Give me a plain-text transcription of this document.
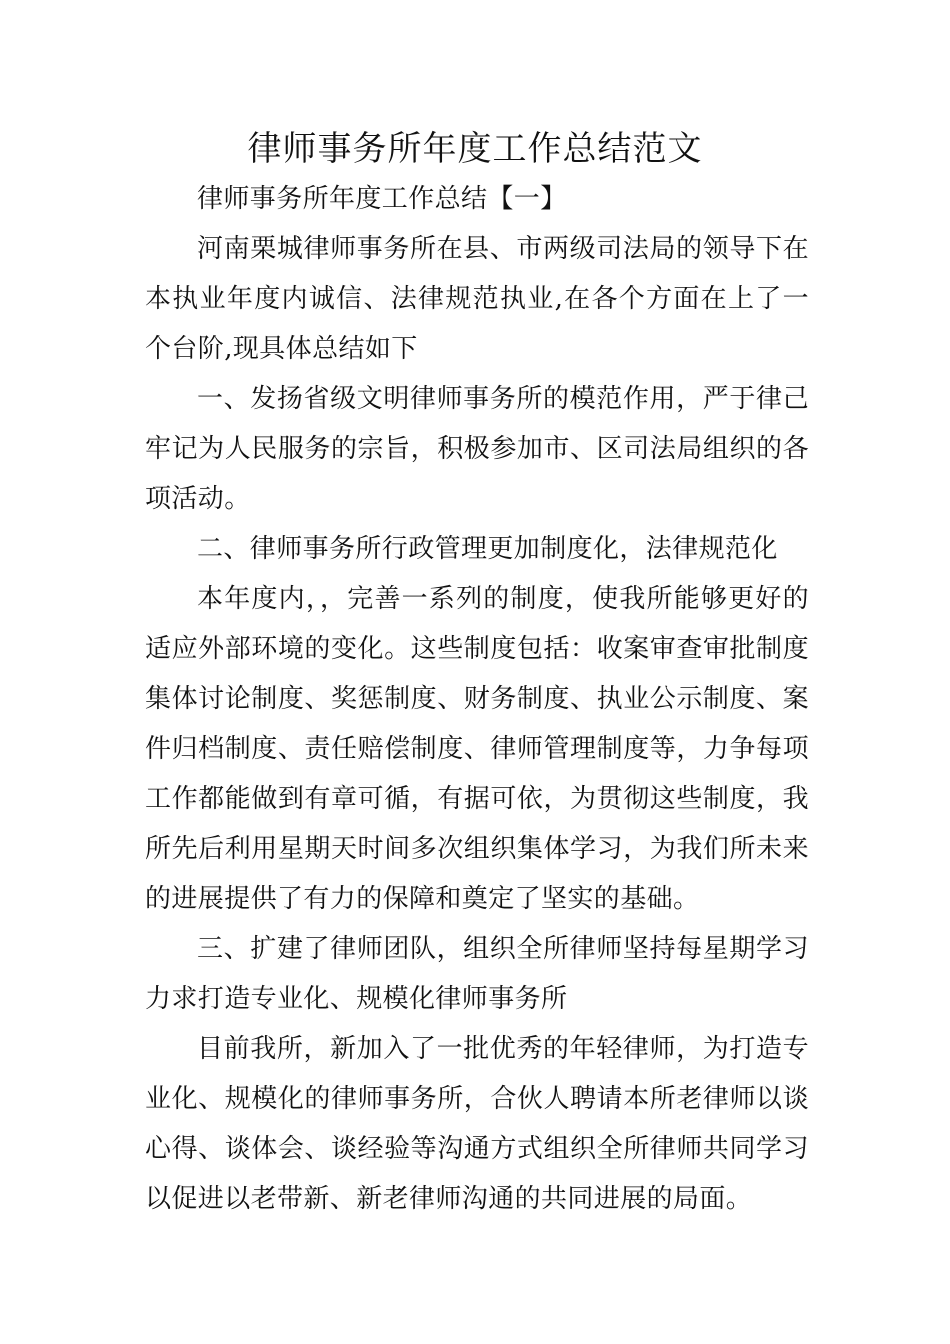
律师事务所年度工作总结范文

律师事务所年度工作总结【一】

河南栗城律师事务所在县、市两级司法局的领导下在本执业年度内诚信、法律规范执业,在各个方面在上了一个台阶,现具体总结如下

一、发扬省级文明律师事务所的模范作用，严于律己牢记为人民服务的宗旨，积极参加市、区司法局组织的各项活动。

二、律师事务所行政管理更加制度化，法律规范化

本年度内，，完善一系列的制度，使我所能够更好的适应外部环境的变化。这些制度包括：收案审查审批制度集体讨论制度、奖惩制度、财务制度、执业公示制度、案件归档制度、责任赔偿制度、律师管理制度等，力争每项工作都能做到有章可循，有据可依，为贯彻这些制度，我所先后利用星期天时间多次组织集体学习，为我们所未来的进展提供了有力的保障和奠定了坚实的基础。

三、扩建了律师团队，组织全所律师坚持每星期学习力求打造专业化、规模化律师事务所

目前我所，新加入了一批优秀的年轻律师，为打造专业化、规模化的律师事务所，合伙人聘请本所老律师以谈心得、谈体会、谈经验等沟通方式组织全所律师共同学习以促进以老带新、新老律师沟通的共同进展的局面。
